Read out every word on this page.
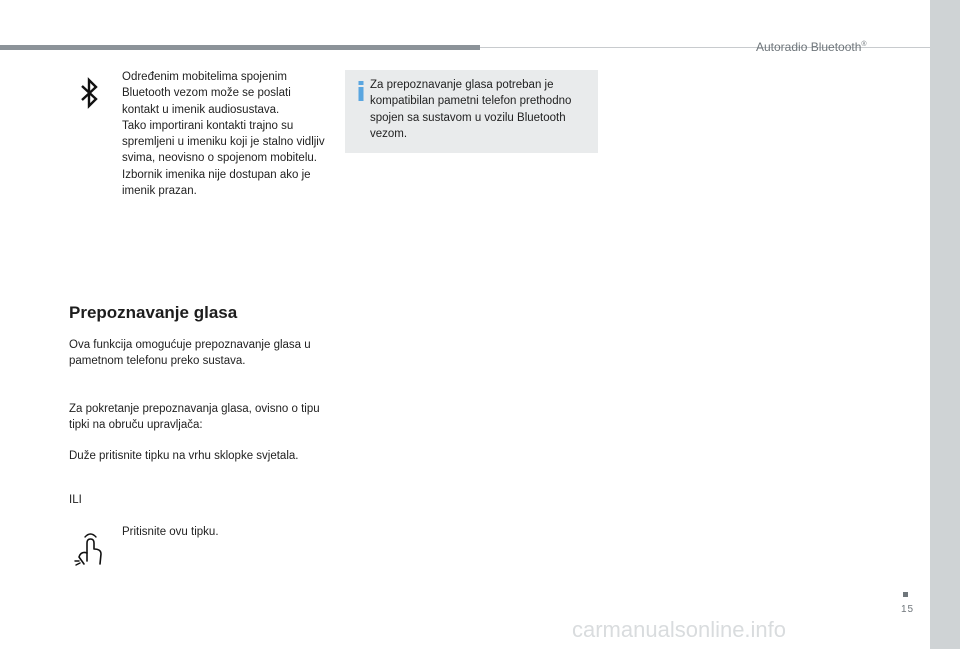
Autoradio Bluetooth®

Određenim mobitelima spojenim Bluetooth vezom može se poslati kontakt u imenik audiosustava.

Tako importirani kontakti trajno su spremljeni u imeniku koji je stalno vidljiv svima, neovisno o spojenom mobitelu.

Izbornik imenika nije dostupan ako je imenik prazan.

Za prepoznavanje glasa potreban je kompatibilan pametni telefon prethodno spojen sa sustavom u vozilu Bluetooth vezom.

Prepoznavanje glasa

Ova funkcija omogućuje prepoznavanje glasa u pametnom telefonu preko sustava.

Za pokretanje prepoznavanja glasa, ovisno o tipu tipki na obruču upravljača:

Duže pritisnite tipku na vrhu sklopke svjetala.

ILI

Pritisnite ovu tipku.

15
carmanualsonline.info
